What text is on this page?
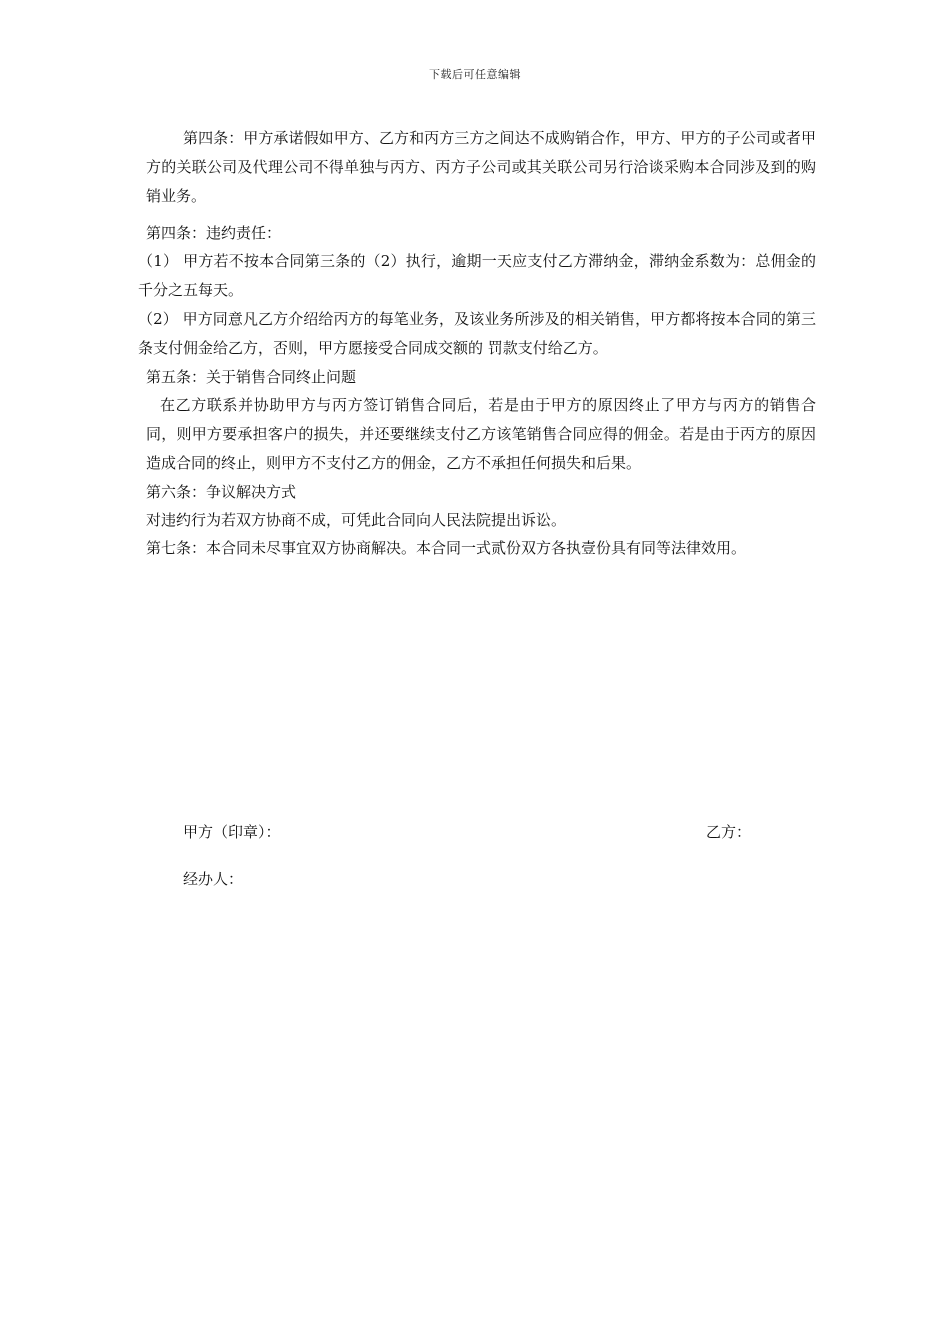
下载后可任意编辑

第四条：甲方承诺假如甲方、乙方和丙方三方之间达不成购销合作，甲方、甲方的子公司或者甲方的关联公司及代理公司不得单独与丙方、丙方子公司或其关联公司另行洽谈采购本合同涉及到的购销业务。

第四条：违约责任：

（1） 甲方若不按本合同第三条的（2）执行，逾期一天应支付乙方滞纳金，滞纳金系数为：总佣金的千分之五每天。

（2） 甲方同意凡乙方介绍给丙方的每笔业务，及该业务所涉及的相关销售，甲方都将按本合同的第三条支付佣金给乙方，否则，甲方愿接受合同成交额的 罚款支付给乙方。

第五条：关于销售合同终止问题

在乙方联系并协助甲方与丙方签订销售合同后，若是由于甲方的原因终止了甲方与丙方的销售合同，则甲方要承担客户的损失，并还要继续支付乙方该笔销售合同应得的佣金。若是由于丙方的原因造成合同的终止，则甲方不支付乙方的佣金，乙方不承担任何损失和后果。

第六条：争议解决方式

对违约行为若双方协商不成，可凭此合同向人民法院提出诉讼。

第七条：本合同未尽事宜双方协商解决。本合同一式贰份双方各执壹份具有同等法律效用。

甲方（印章）：	乙方：
经办人：
